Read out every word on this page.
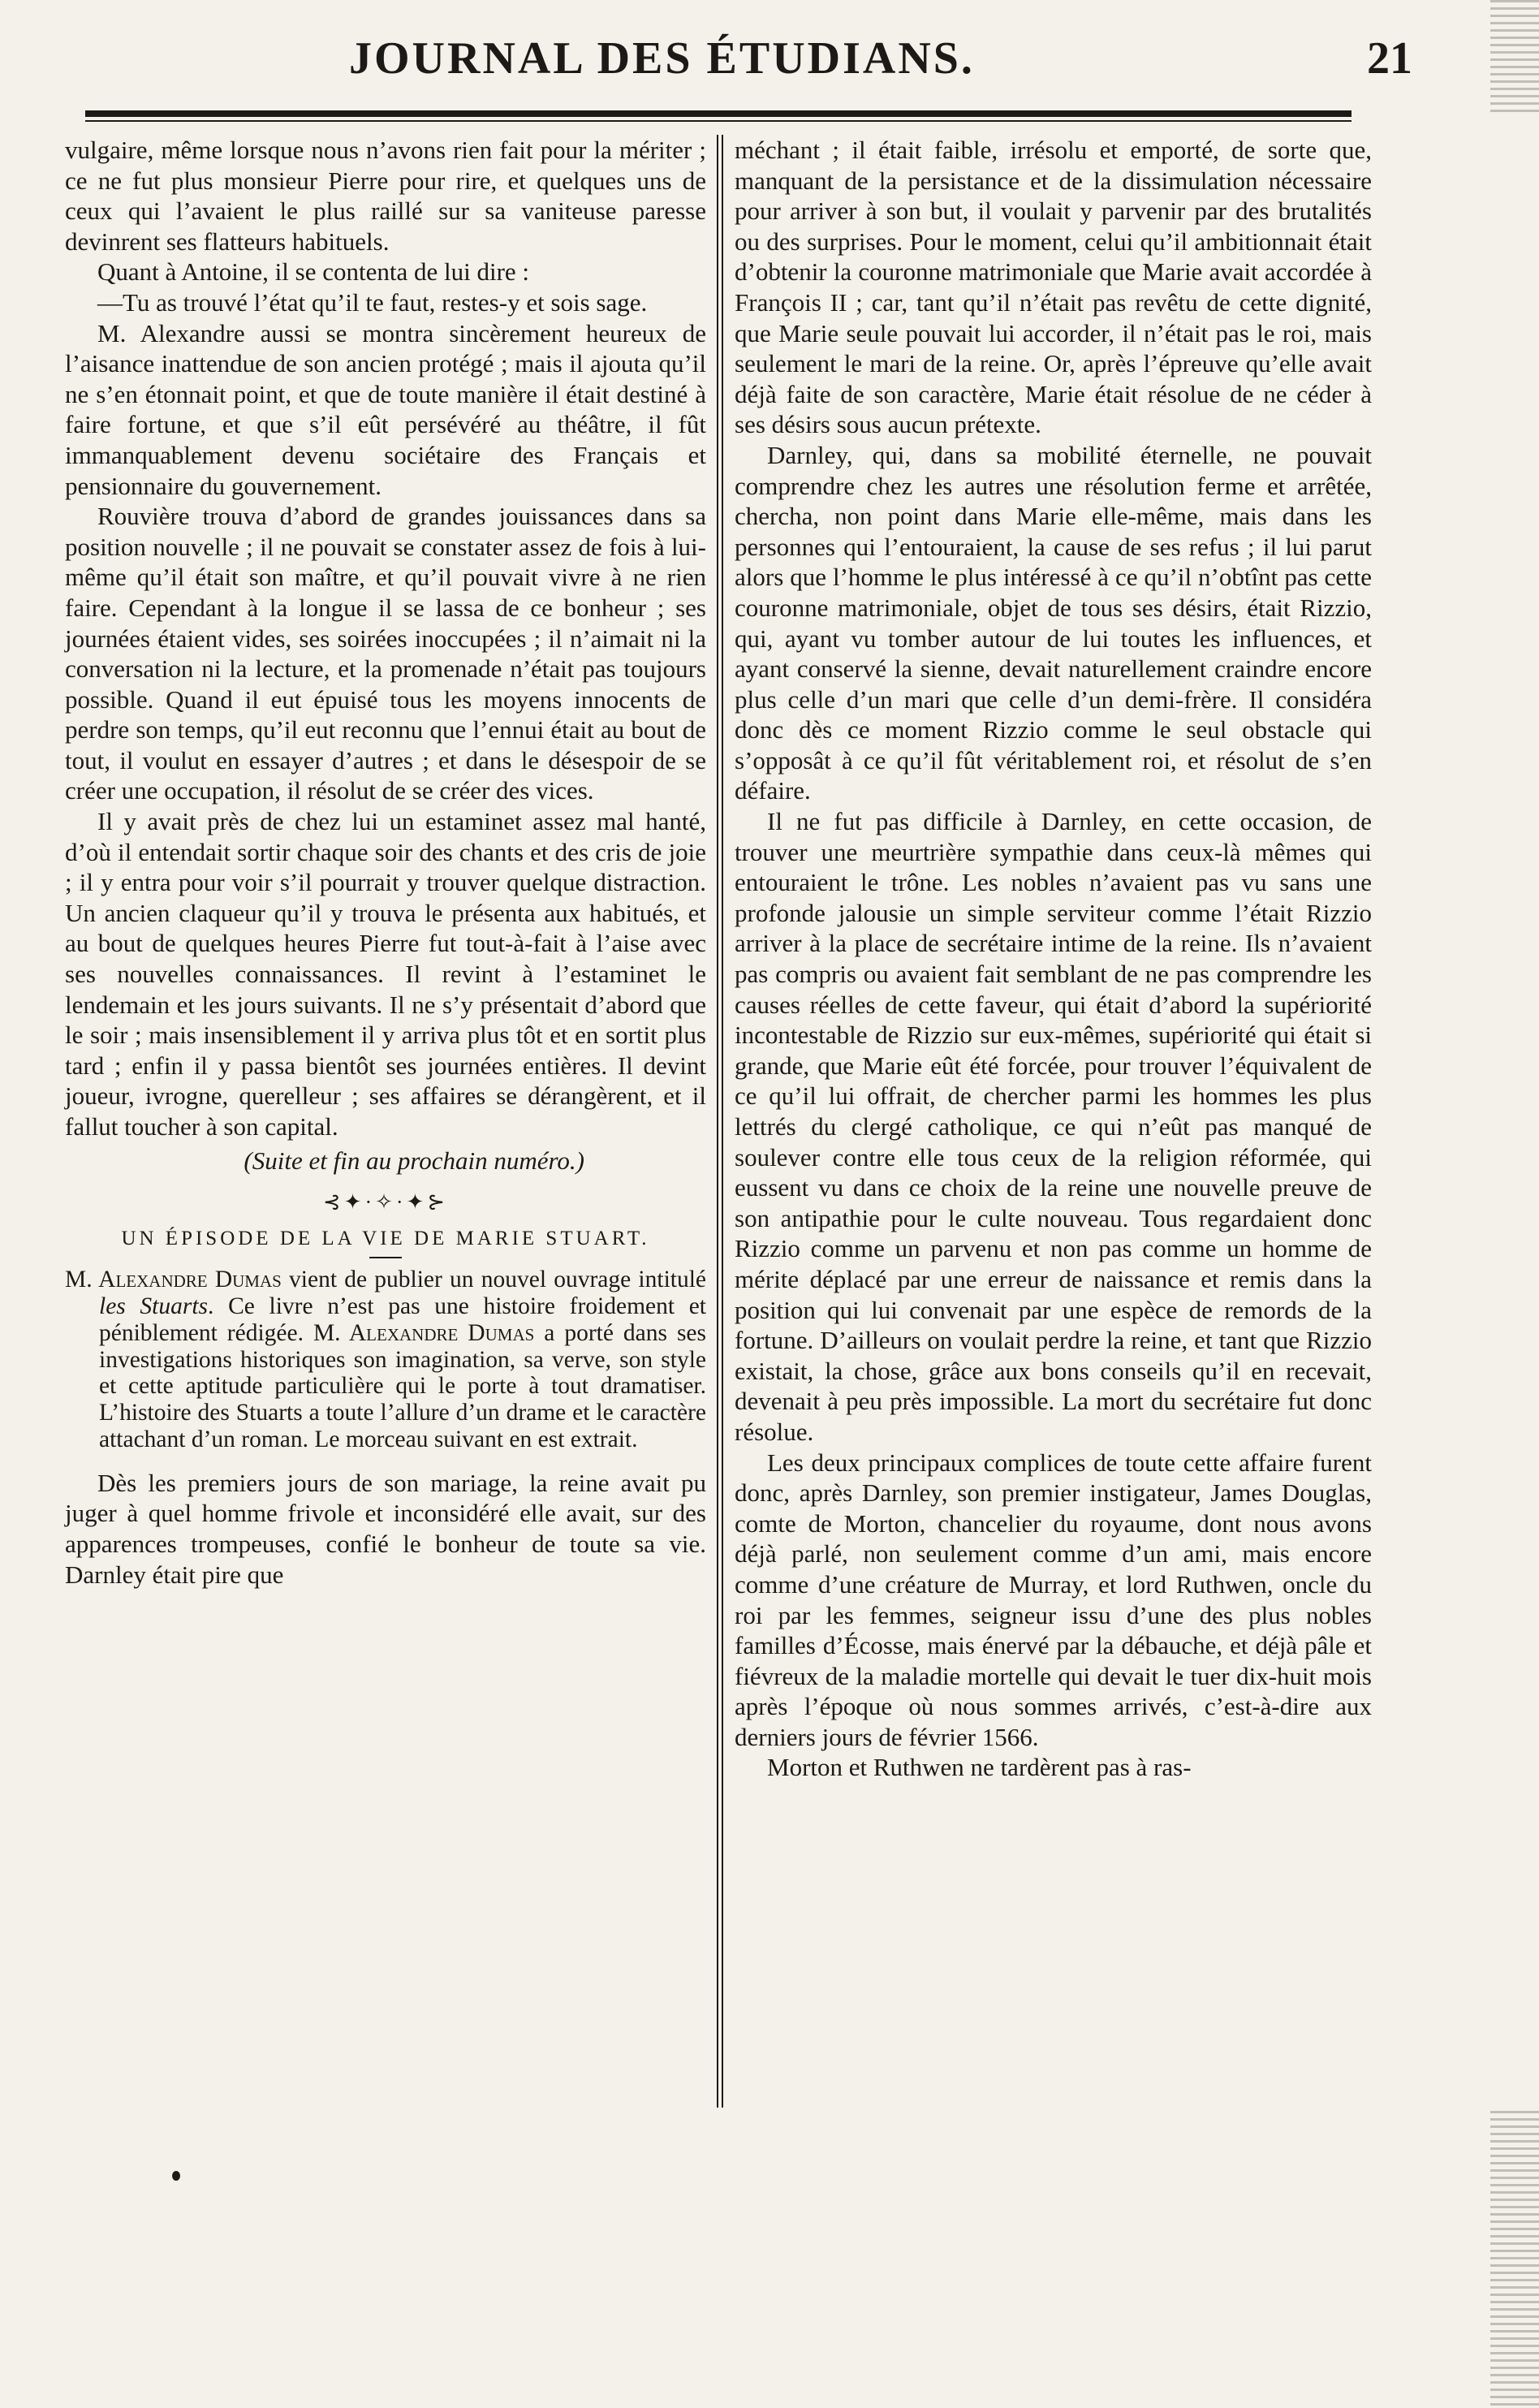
JOURNAL DES ÉTUDIANS.	21

vulgaire, même lorsque nous n’avons rien fait pour la mériter ; ce ne fut plus monsieur Pierre pour rire, et quelques uns de ceux qui l’avaient le plus raillé sur sa vaniteuse paresse devinrent ses flatteurs habituels.

Quant à Antoine, il se contenta de lui dire :

—Tu as trouvé l’état qu’il te faut, restes-y et sois sage.

M. Alexandre aussi se montra sincèrement heureux de l’aisance inattendue de son ancien protégé ; mais il ajouta qu’il ne s’en étonnait point, et que de toute manière il était destiné à faire fortune, et que s’il eût persévéré au théâtre, il fût immanquablement devenu sociétaire des Français et pensionnaire du gouvernement.

Rouvière trouva d’abord de grandes jouissances dans sa position nouvelle ; il ne pouvait se constater assez de fois à lui-même qu’il était son maître, et qu’il pouvait vivre à ne rien faire. Cependant à la longue il se lassa de ce bonheur ; ses journées étaient vides, ses soirées inoccupées ; il n’aimait ni la conversation ni la lecture, et la promenade n’était pas toujours possible. Quand il eut épuisé tous les moyens innocents de perdre son temps, qu’il eut reconnu que l’ennui était au bout de tout, il voulut en essayer d’autres ; et dans le désespoir de se créer une occupation, il résolut de se créer des vices.

Il y avait près de chez lui un estaminet assez mal hanté, d’où il entendait sortir chaque soir des chants et des cris de joie ; il y entra pour voir s’il pourrait y trouver quelque distraction. Un ancien claqueur qu’il y trouva le présenta aux habitués, et au bout de quelques heures Pierre fut tout-à-fait à l’aise avec ses nouvelles connaissances. Il revint à l’estaminet le lendemain et les jours suivants. Il ne s’y présentait d’abord que le soir ; mais insensiblement il y arriva plus tôt et en sortit plus tard ; enfin il y passa bientôt ses journées entières. Il devint joueur, ivrogne, querelleur ; ses affaires se dérangèrent, et il fallut toucher à son capital.

(Suite et fin au prochain numéro.)

⊰✦·✧·✦⊱
UN ÉPISODE DE LA VIE DE MARIE STUART.

M. Alexandre Dumas vient de publier un nouvel ouvrage intitulé les Stuarts. Ce livre n’est pas une histoire froidement et péniblement rédigée. M. Alexandre Dumas a porté dans ses investigations historiques son imagination, sa verve, son style et cette aptitude particulière qui le porte à tout dramatiser. L’histoire des Stuarts a toute l’allure d’un drame et le caractère attachant d’un roman. Le morceau suivant en est extrait.

Dès les premiers jours de son mariage, la reine avait pu juger à quel homme frivole et inconsidéré elle avait, sur des apparences trompeuses, confié le bonheur de toute sa vie. Darnley était pire que

méchant ; il était faible, irrésolu et emporté, de sorte que, manquant de la persistance et de la dissimulation nécessaire pour arriver à son but, il voulait y parvenir par des brutalités ou des surprises. Pour le moment, celui qu’il ambitionnait était d’obtenir la couronne matrimoniale que Marie avait accordée à François II ; car, tant qu’il n’était pas revêtu de cette dignité, que Marie seule pouvait lui accorder, il n’était pas le roi, mais seulement le mari de la reine. Or, après l’épreuve qu’elle avait déjà faite de son caractère, Marie était résolue de ne céder à ses désirs sous aucun prétexte.

Darnley, qui, dans sa mobilité éternelle, ne pouvait comprendre chez les autres une résolution ferme et arrêtée, chercha, non point dans Marie elle-même, mais dans les personnes qui l’entouraient, la cause de ses refus ; il lui parut alors que l’homme le plus intéressé à ce qu’il n’obtînt pas cette couronne matrimoniale, objet de tous ses désirs, était Rizzio, qui, ayant vu tomber autour de lui toutes les influences, et ayant conservé la sienne, devait naturellement craindre encore plus celle d’un mari que celle d’un demi-frère. Il considéra donc dès ce moment Rizzio comme le seul obstacle qui s’opposât à ce qu’il fût véritablement roi, et résolut de s’en défaire.

Il ne fut pas difficile à Darnley, en cette occasion, de trouver une meurtrière sympathie dans ceux-là mêmes qui entouraient le trône. Les nobles n’avaient pas vu sans une profonde jalousie un simple serviteur comme l’était Rizzio arriver à la place de secrétaire intime de la reine. Ils n’avaient pas compris ou avaient fait semblant de ne pas comprendre les causes réelles de cette faveur, qui était d’abord la supériorité incontestable de Rizzio sur eux-mêmes, supériorité qui était si grande, que Marie eût été forcée, pour trouver l’équivalent de ce qu’il lui offrait, de chercher parmi les hommes les plus lettrés du clergé catholique, ce qui n’eût pas manqué de soulever contre elle tous ceux de la religion réformée, qui eussent vu dans ce choix de la reine une nouvelle preuve de son antipathie pour le culte nouveau. Tous regardaient donc Rizzio comme un parvenu et non pas comme un homme de mérite déplacé par une erreur de naissance et remis dans la position qui lui convenait par une espèce de remords de la fortune. D’ailleurs on voulait perdre la reine, et tant que Rizzio existait, la chose, grâce aux bons conseils qu’il en recevait, devenait à peu près impossible. La mort du secrétaire fut donc résolue.

Les deux principaux complices de toute cette affaire furent donc, après Darnley, son premier instigateur, James Douglas, comte de Morton, chancelier du royaume, dont nous avons déjà parlé, non seulement comme d’un ami, mais encore comme d’une créature de Murray, et lord Ruthwen, oncle du roi par les femmes, seigneur issu d’une des plus nobles familles d’Écosse, mais énervé par la débauche, et déjà pâle et fiévreux de la maladie mortelle qui devait le tuer dix-huit mois après l’époque où nous sommes arrivés, c’est-à-dire aux derniers jours de février 1566.

Morton et Ruthwen ne tardèrent pas à ras-
